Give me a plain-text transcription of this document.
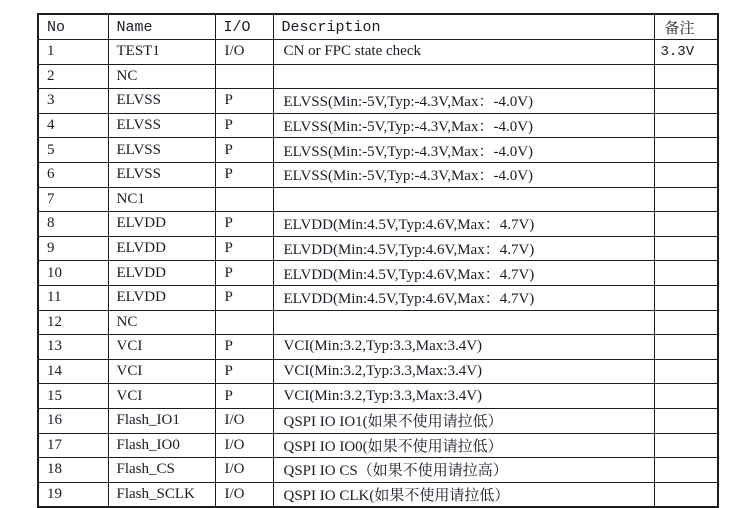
No	Name	I/O	Description	备注
1	TEST1	I/O	CN or FPC state check	3.3V
2	NC			
3	ELVSS	P	ELVSS(Min:-5V,Typ:-4.3V,Max：-4.0V)	
4	ELVSS	P	ELVSS(Min:-5V,Typ:-4.3V,Max：-4.0V)	
5	ELVSS	P	ELVSS(Min:-5V,Typ:-4.3V,Max：-4.0V)	
6	ELVSS	P	ELVSS(Min:-5V,Typ:-4.3V,Max：-4.0V)	
7	NC1			
8	ELVDD	P	ELVDD(Min:4.5V,Typ:4.6V,Max：4.7V)	
9	ELVDD	P	ELVDD(Min:4.5V,Typ:4.6V,Max：4.7V)	
10	ELVDD	P	ELVDD(Min:4.5V,Typ:4.6V,Max：4.7V)	
11	ELVDD	P	ELVDD(Min:4.5V,Typ:4.6V,Max：4.7V)	
12	NC			
13	VCI	P	VCI(Min:3.2,Typ:3.3,Max:3.4V)	
14	VCI	P	VCI(Min:3.2,Typ:3.3,Max:3.4V)	
15	VCI	P	VCI(Min:3.2,Typ:3.3,Max:3.4V)	
16	Flash_IO1	I/O	QSPI IO IO1(如果不使用请拉低）	
17	Flash_IO0	I/O	QSPI IO IO0(如果不使用请拉低）	
18	Flash_CS	I/O	QSPI IO CS（如果不使用请拉高）	
19	Flash_SCLK	I/O	QSPI IO CLK(如果不使用请拉低）	
